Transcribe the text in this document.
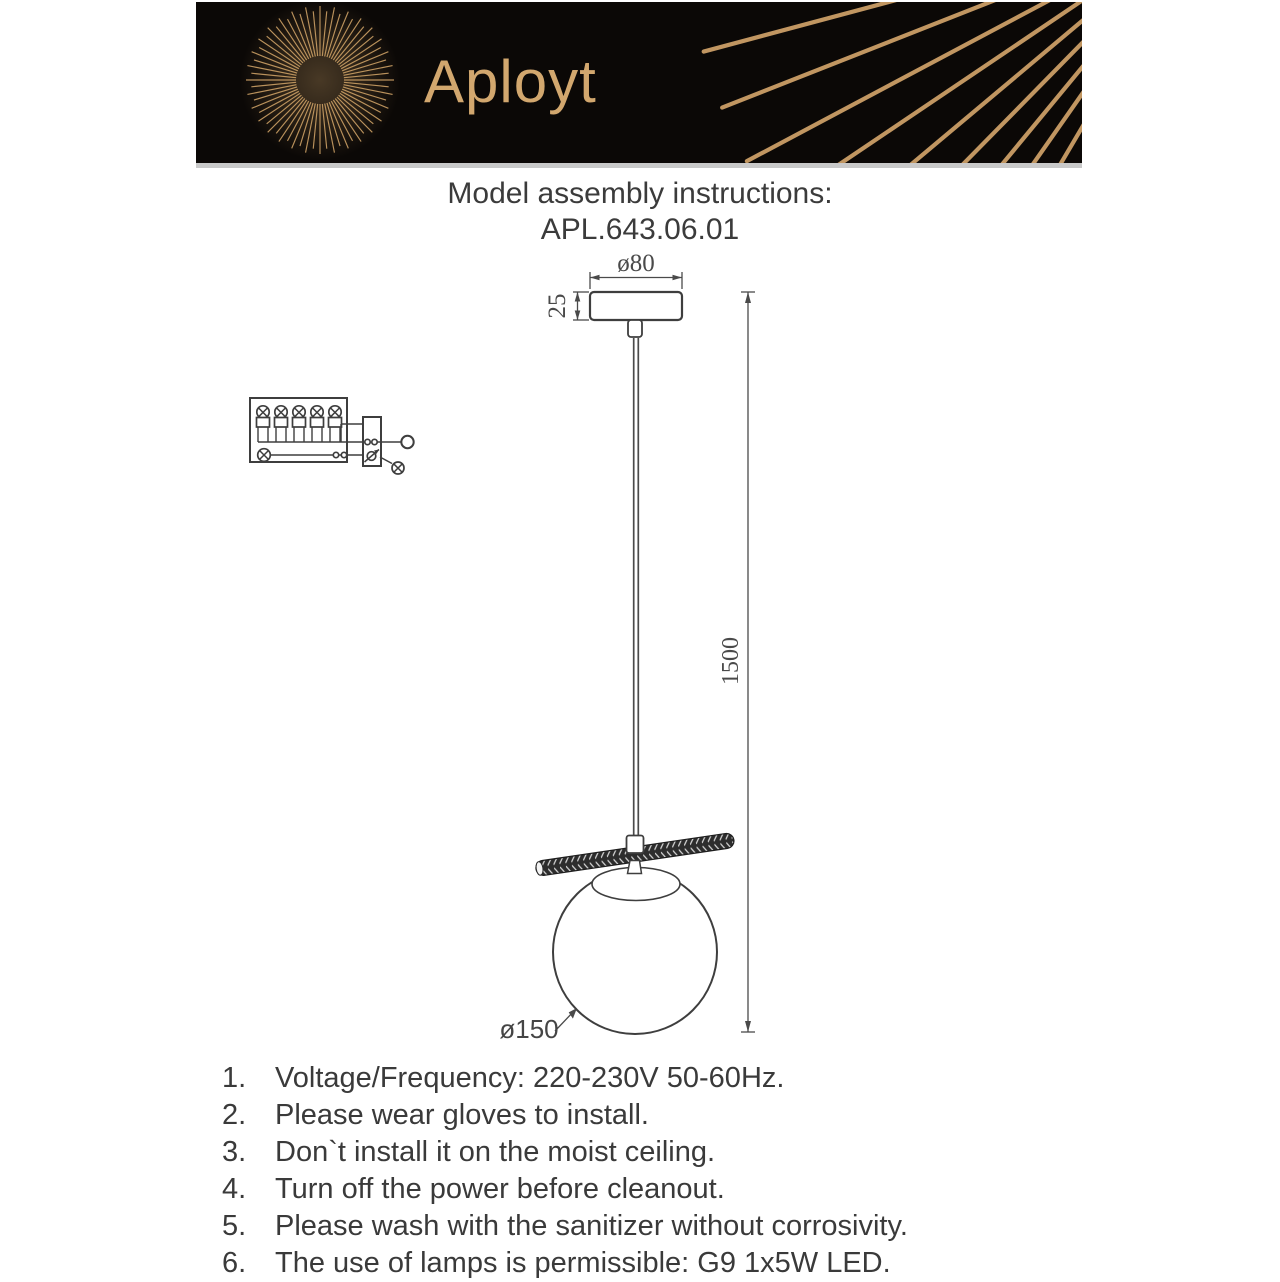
Aployt

Model assembly instructions:

APL.643.06.01

ø80
25
1500
ø150
1. Voltage/Frequency: 220-230V 50-60Hz.
2. Please wear gloves to install.
3. Don`t install it on the moist ceiling.
4. Turn off the power before cleanout.
5. Please wash with the sanitizer without corrosivity.
6. The use of lamps is permissible: G9 1x5W LED.
